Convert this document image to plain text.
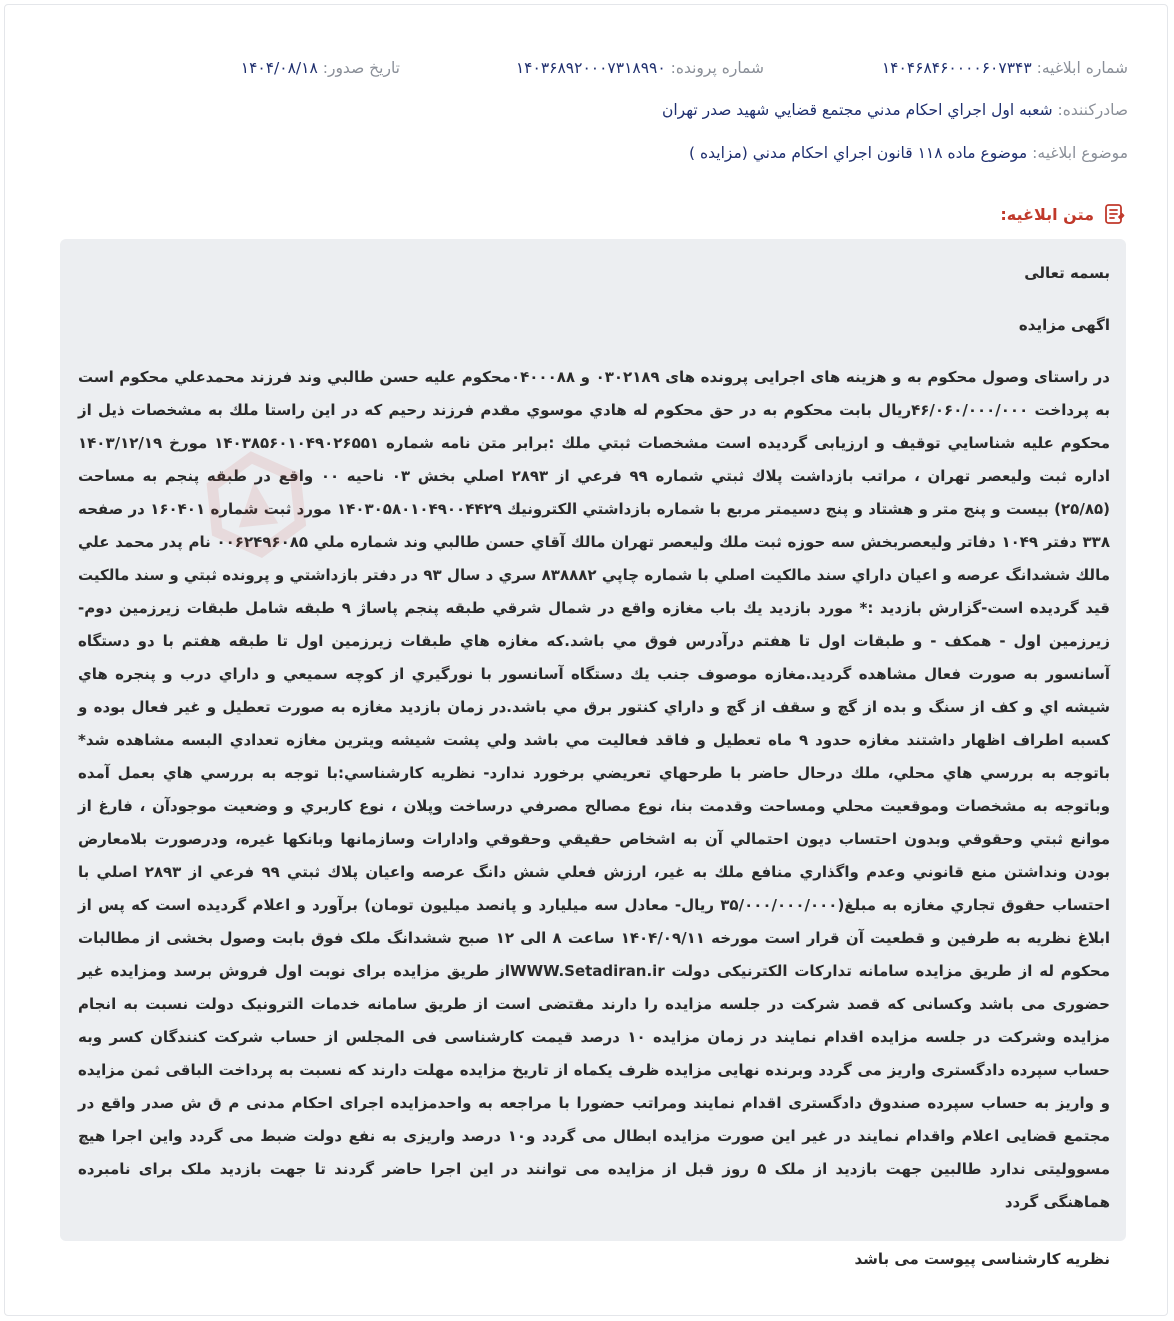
شماره ابلاغيه: ۱۴۰۴۶۸۴۶۰۰۰۰۶۰۷۳۴۳
شماره پرونده: ۱۴۰۳۶۸۹۲۰۰۰۷۳۱۸۹۹۰
تاريخ صدور: ۱۴۰۴/۰۸/۱۸
صادرکننده: شعبه اول اجراي احكام مدني مجتمع قضايي شهيد صدر تهران
موضوع ابلاغيه: موضوع ماده ۱۱۸ قانون اجراي احكام مدني (مزايده )
متن ابلاغيه:

بسمه تعالی

اگهی مزايده

در راستای وصول محکوم به و هزينه های اجرايی پرونده های ۰۳۰۲۱۸۹ و ۰۴۰۰۰۸۸محکوم عليه حسن طالبي وند فرزند محمدعلي محکوم است به پرداخت ۴۶/۰۶۰/۰۰۰/۰۰۰ريال بابت محکوم به در حق محکوم له هادي موسوي مقدم فرزند رحيم که در اين راستا ملك به مشخصات ذيل از محکوم عليه شناسايي توقيف و ارزيابی گرديده است مشخصات ثبتي ملك :برابر متن نامه شماره ۱۴۰۳۸۵۶۰۱۰۴۹۰۲۶۵۵۱ مورخ ۱۴۰۳/۱۲/۱۹ اداره ثبت وليعصر تهران ، مراتب بازداشت پلاك ثبتي شماره ۹۹ فرعي از ۲۸۹۳ اصلي بخش ۰۳ ناحيه ۰۰ واقع در طبقه پنجم به مساحت (۲۵/۸۵) بيست و پنج متر و هشتاد و پنج دسيمتر مربع با شماره بازداشتي الكترونيك ۱۴۰۳۰۵۸۰۱۰۴۹۰۰۴۴۲۹ مورد ثبت شماره ۱۶۰۴۰۱ در صفحه ۳۳۸ دفتر ۱۰۴۹ دفاتر وليعصربخش سه حوزه ثبت ملك وليعصر تهران مالك آقاي حسن طالبي وند شماره ملي ۰۰۶۲۴۹۶۰۸۵ نام پدر محمد علي مالك ششدانگ عرصه و اعيان داراي سند مالكيت اصلي با شماره چاپي ۸۳۸۸۸۲ سري د سال ۹۳ در دفتر بازداشتي و پرونده ثبتي و سند مالكيت قيد گرديده است-گزارش بازديد :* مورد بازديد يك باب مغازه واقع در شمال شرقي طبقه پنجم پاساژ ۹ طبقه شامل طبقات زيرزمين دوم- زيرزمين اول - همكف - و طبقات اول تا هفتم درآدرس فوق مي باشد.كه مغازه هاي طبقات زيرزمين اول تا طبقه هفتم با دو دستگاه آسانسور به صورت فعال مشاهده گرديد.مغازه موصوف جنب يك دستگاه آسانسور با نورگيري از كوچه سميعي و داراي درب و پنجره هاي شيشه اي و كف از سنگ و بده از گچ و سقف از گچ و داراي كنتور برق مي باشد.در زمان بازديد مغازه به صورت تعطيل و غير فعال بوده و كسبه اطراف اظهار داشتند مغازه حدود ۹ ماه تعطيل و فاقد فعاليت مي باشد ولي پشت شيشه ويترين مغازه تعدادي البسه مشاهده شد* باتوجه به بررسي هاي محلي، ملك درحال حاضر با طرحهاي تعريضي برخورد ندارد- نظريه كارشناسي:با توجه به بررسي هاي بعمل آمده وباتوجه به مشخصات وموقعيت محلي ومساحت وقدمت بنا، نوع مصالح مصرفي درساخت وپلان ، نوع كاربري و وضعيت موجودآن ، فارغ از موانع ثبتي وحقوقي وبدون احتساب ديون احتمالي آن به اشخاص حقيقي وحقوقي وادارات وسازمانها وبانكها غيره، ودرصورت بلامعارض بودن ونداشتن منع قانوني وعدم واگذاري منافع ملك به غير، ارزش فعلي شش دانگ عرصه واعيان پلاك ثبتي ۹۹ فرعي از ۲۸۹۳ اصلي با احتساب حقوق تجاري مغازه به مبلغ(۳۵/۰۰۰/۰۰۰/۰۰۰ ريال- معادل سه ميليارد و پانصد ميليون تومان) برآورد و اعلام گرديده است که پس از ابلاغ نظريه به طرفين و قطعيت آن قرار است مورخه ۱۴۰۴/۰۹/۱۱ ساعت ۸ الی ۱۲ صبح ششدانگ ملک فوق بابت وصول بخشی از مطالبات محکوم له از طريق مزايده سامانه تدارکات الکترنيکی دولت WWW.Setadiran.irاز طريق مزايده برای نوبت اول فروش برسد ومزايده غير حضوری می باشد وکسانی که قصد شرکت در جلسه مزايده را دارند مقتضی است از طريق سامانه خدمات الترونيک دولت نسبت به انجام مزايده وشرکت در جلسه مزايده اقدام نمايند در زمان مزايده ۱۰ درصد قيمت کارشناسی فی المجلس از حساب شرکت کنندگان کسر وبه حساب سپرده دادگستری واريز می گردد وبرنده نهايی مزايده ظرف يکماه از تاريخ مزايده مهلت دارند که نسبت به پرداخت الباقی ثمن مزايده و واريز به حساب سپرده صندوق دادگستری اقدام نمايند ومراتب حضورا با مراجعه به واحدمزايده اجرای احکام مدنی م ق ش صدر واقع در مجتمع قضايی اعلام واقدام نمايند در غير اين صورت مزايده ابطال می گردد و۱۰ درصد واريزی به نفع دولت ضبط می گردد واين اجرا هيچ مسووليتی ندارد طالبين جهت بازديد از ملک ۵ روز قبل از مزايده می توانند در اين اجرا حاضر گردند تا جهت بازديد ملک برای نامبرده هماهنگی گردد

نظريه کارشناسی پيوست می باشد
